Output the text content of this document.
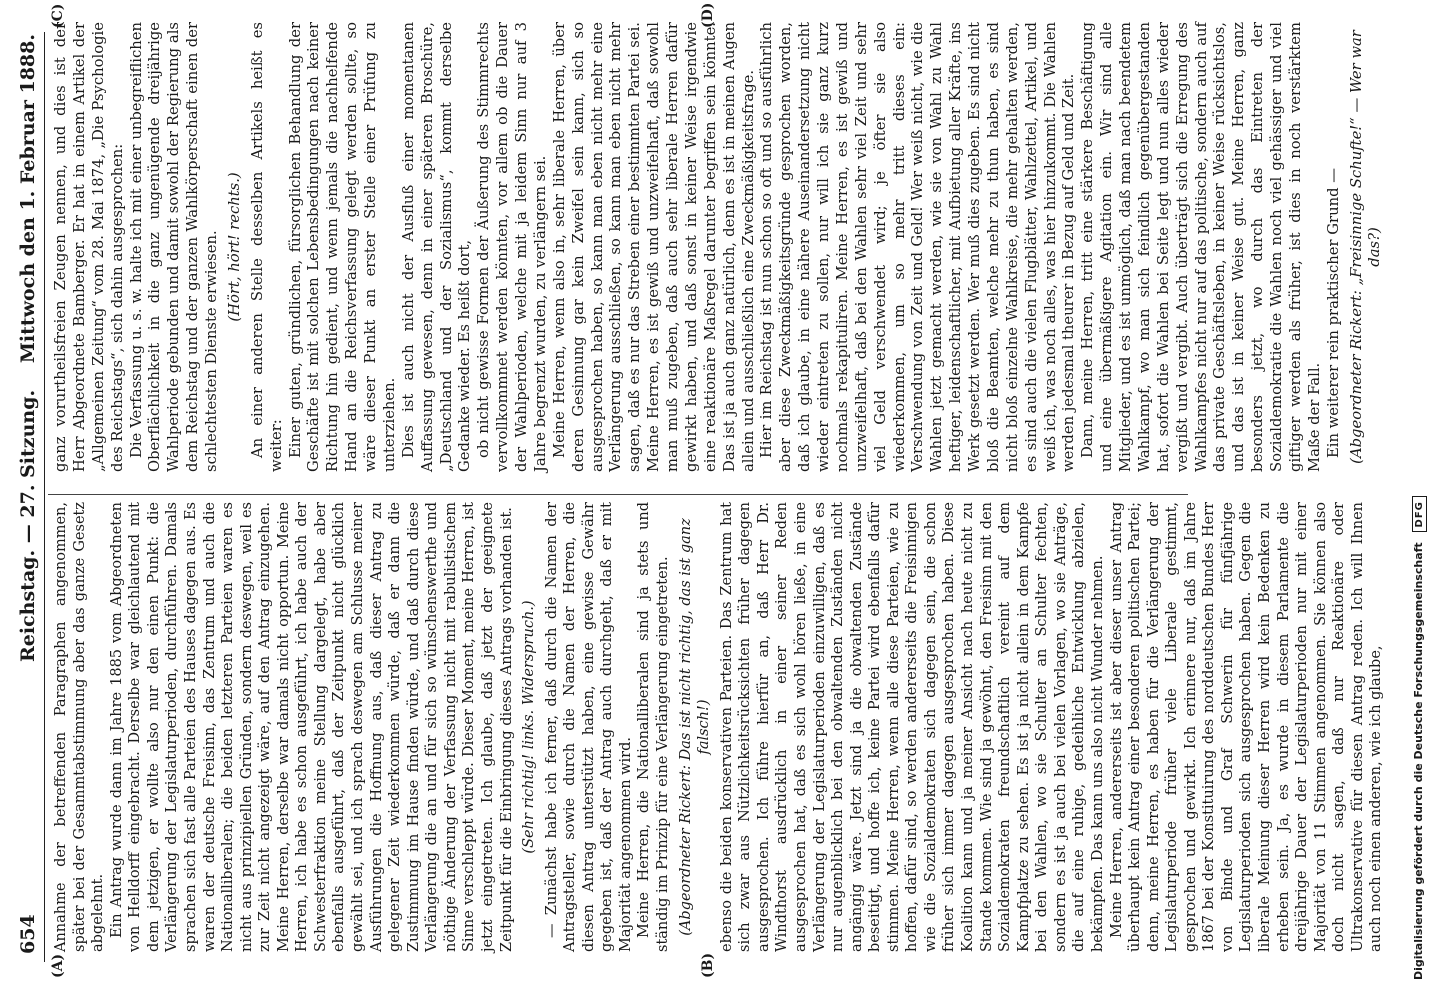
654
Reichstag. — 27. Sitzung.
Mittwoch den 1. Februar 1888.
(A)	(B)
(C)	(D)

Annahme der betreffenden Paragraphen angenommen, später bei der Gesammtabstimmung aber das ganze Gesetz abgelehnt. Ein Antrag wurde dann im Jahre 1885 vom Abgeordneten von Helldorff eingebracht. Derselbe war gleichlautend mit dem jetzigen, er wollte also nur den einen Punkt: die Verlängerung der Legislaturperioden, durchführen. Damals sprachen sich fast alle Parteien des Hauses dagegen aus. Es waren der deutsche Freisinn, das Zentrum und auch die Nationalliberalen; die beiden letzteren Parteien waren es nicht aus prinzipiellen Gründen, sondern deswegen, weil es zur Zeit nicht angezeigt wäre, auf den Antrag einzugehen. Meine Herren, derselbe war damals nicht opportun. Meine Herren, ich habe es schon ausgeführt, ich habe auch der Schwesterfraktion meine Stellung dargelegt, habe aber ebenfalls ausgeführt, daß der Zeitpunkt nicht glücklich gewählt sei, und ich sprach deswegen am Schlusse meiner Ausführungen die Hoffnung aus, daß dieser Antrag zu gelegener Zeit wiederkommen würde, daß er dann die Zustimmung im Hause finden würde, und daß durch diese Verlängerung die an und für sich so wünschenswerthe und nöthige Änderung der Verfassung nicht mit rabulistischem Sinne verschleppt würde. Dieser Moment, meine Herren, ist jetzt eingetreten. Ich glaube, daß jetzt der geeignete Zeitpunkt für die Einbringung dieses Antrags vorhanden ist. (Sehr richtig! links. Widerspruch.) — Zunächst habe ich ferner, daß durch die Namen der Antragsteller, sowie durch die Namen der Herren, die diesen Antrag unterstützt haben, eine gewisse Gewähr gegeben ist, daß der Antrag auch durchgeht, daß er mit Majorität angenommen wird. Meine Herren, die Nationalliberalen sind ja stets und ständig im Prinzip für eine Verlängerung eingetreten. (Abgeordneter Rickert: Das ist nicht richtig, das ist ganz falsch!) ebenso die beiden konservativen Parteien. Das Zentrum hat sich zwar aus Nützlichkeitsrücksichten früher dagegen ausgesprochen. Ich führe hierfür an, daß Herr Dr. Windthorst ausdrücklich in einer seiner Reden ausgesprochen hat, daß es sich wohl hören ließe, in eine Verlängerung der Legislaturperioden einzuwilligen, daß es nur augenblicklich bei den obwaltenden Zuständen nicht angängig wäre. Jetzt sind ja die obwaltenden Zustände beseitigt, und hoffe ich, keine Partei wird ebenfalls dafür stimmen. Meine Herren, wenn alle diese Parteien, wie zu hoffen, dafür sind, so werden andererseits die Freisinnigen wie die Sozialdemokraten sich dagegen sein, die schon früher sich immer dagegen ausgesprochen haben. Diese Koalition kann und ja meiner Ansicht nach heute nicht zu Stande kommen. Wie sind ja gewöhnt, den Freisinn mit den Sozialdemokraten freundschaftlich vereint auf dem Kampfplatze zu sehen. Es ist ja nicht allein in dem Kampfe bei den Wahlen, wo sie Schulter an Schulter fechten, sondern es ist ja auch bei vielen Vorlagen, wo sie Anträge, die auf eine ruhige, gedeihliche Entwicklung abzielen, bekämpfen. Das kann uns also nicht Wunder nehmen. Meine Herren, andererseits ist aber dieser unser Antrag überhaupt kein Antrag einer besonderen politischen Partei; denn, meine Herren, es haben für die Verlängerung der Legislaturperiode früher viele Liberale gestimmt, gesprochen und gewirkt. Ich erinnere nur, daß im Jahre 1867 bei der Konstituirung des norddeutschen Bundes Herr von Binde und Graf Schwerin für fünfjährige Legislaturperioden sich ausgesprochen haben. Gegen die liberale Meinung dieser Herren wird kein Bedenken zu erheben sein. Ja, es wurde in diesem Parlamente die dreijährige Dauer der Legislaturperioden nur mit einer Majorität von 11 Stimmen angenommen. Sie können also doch nicht sagen, daß nur Reaktionäre oder Ultrakonservative für diesen Antrag reden. Ich will Ihnen auch noch einen anderen, wie ich glaube,

ganz vorurtheilsfreien Zeugen nennen, und dies ist der Herr Abgeordnete Bamberger. Er hat in einem Artikel der „Allgemeinen Zeitung“ vom 28. Mai 1874, „Die Psychologie des Reichstags“, sich dahin ausgesprochen: Die Verfassung u. s. w. halte ich mit einer unbegreiflichen Oberflächlichkeit in die ganz ungenügende dreijährige Wahlperiode gebunden und damit sowohl der Regierung als dem Reichstag und der ganzen Wahlkörperschaft einen der schlechtesten Dienste erwiesen. (Hört, hört! rechts.) An einer anderen Stelle desselben Artikels heißt es weiter: Einer guten, gründlichen, fürsorglichen Behandlung der Geschäfte ist mit solchen Lebensbedingungen nach keiner Richtung hin gedient, und wenn jemals die nachhelfende Hand an die Reichsverfassung gelegt werden sollte, so wäre dieser Punkt an erster Stelle einer Prüfung zu unterziehen. Dies ist auch nicht der Ausfluß einer momentanen Auffassung gewesen, denn in einer späteren Broschüre, „Deutschland und der Sozialismus“, kommt derselbe Gedanke wieder. Es heißt dort, ob nicht gewisse Formen der Äußerung des Stimmrechts vervollkommnet werden könnten, vor allem ob die Dauer der Wahlperioden, welche mit ja leidem Sinn nur auf 3 Jahre begrenzt wurden, zu verlängern sei. Meine Herren, wenn also in, sehr liberale Herren, über deren Gesinnung gar kein Zweifel sein kann, sich so ausgesprochen haben, so kann man eben nicht mehr eine Verlängerung ausschließen, so kann man eben nicht mehr sagen, daß es nur das Streben einer bestimmten Partei sei. Meine Herren, es ist gewiß und unzweifelhaft, daß sowohl man muß zugeben, daß auch sehr liberale Herren dafür gewirkt haben, und daß sonst in keiner Weise irgendwie eine reaktionäre Maßregel darunter begriffen sein könnte. Das ist ja auch ganz natürlich, denn es ist in meinen Augen allein und ausschließlich eine Zweckmäßigkeitsfrage. Hier im Reichstag ist nun schon so oft und so ausführlich aber diese Zweckmäßigkeitsgründe gesprochen worden, daß ich glaube, in eine nähere Auseinandersetzung nicht wieder eintreten zu sollen, nur will ich sie ganz kurz nochmals rekapituliren. Meine Herren, es ist gewiß und unzweifelhaft, daß bei den Wahlen sehr viel Zeit und sehr viel Geld verschwendet wird; je öfter sie also wiederkommen, um so mehr tritt dieses ein: Verschwendung von Zeit und Geld! Wer weiß nicht, wie die Wahlen jetzt gemacht werden, wie sie von Wahl zu Wahl heftiger, leidenschaftlicher, mit Aufbietung aller Kräfte, ins Werk gesetzt werden. Wer muß dies zugeben. Es sind nicht bloß die Beamten, welche mehr zu thun haben, es sind nicht bloß einzelne Wahlkreise, die mehr gehalten werden, es sind auch die vielen Flugblätter, Wahlzettel, Artikel, und weiß ich, was noch alles, was hier hinzukommt. Die Wahlen werden jedesmal theurer in Bezug auf Geld und Zeit. Dann, meine Herren, tritt eine stärkere Beschäftigung und eine übermäßigere Agitation ein. Wir sind alle Mitglieder, und es ist unmöglich, daß man nach beendetem Wahlkampf, wo man sich feindlich gegenübergestanden hat, sofort die Wahlen bei Seite legt und nun alles wieder vergißt und vergibt. Auch überträgt sich die Erregung des Wahlkampfes nicht nur auf das politische, sondern auch auf das private Geschäftsleben, in keiner Weise rücksichtslos, und das ist in keiner Weise gut. Meine Herren, ganz besonders jetzt, wo durch das Eintreten der Sozialdemokratie die Wahlen noch viel gehässiger und viel giftiger werden als früher, ist dies in noch verstärktem Maße der Fall. Ein weiterer rein praktischer Grund — (Abgeordneter Rickert: „Freisinnige Schufte!“ — Wer war das?)

Digitalisierung gefördert durch die Deutsche Forschungsgemeinschaft DFG
